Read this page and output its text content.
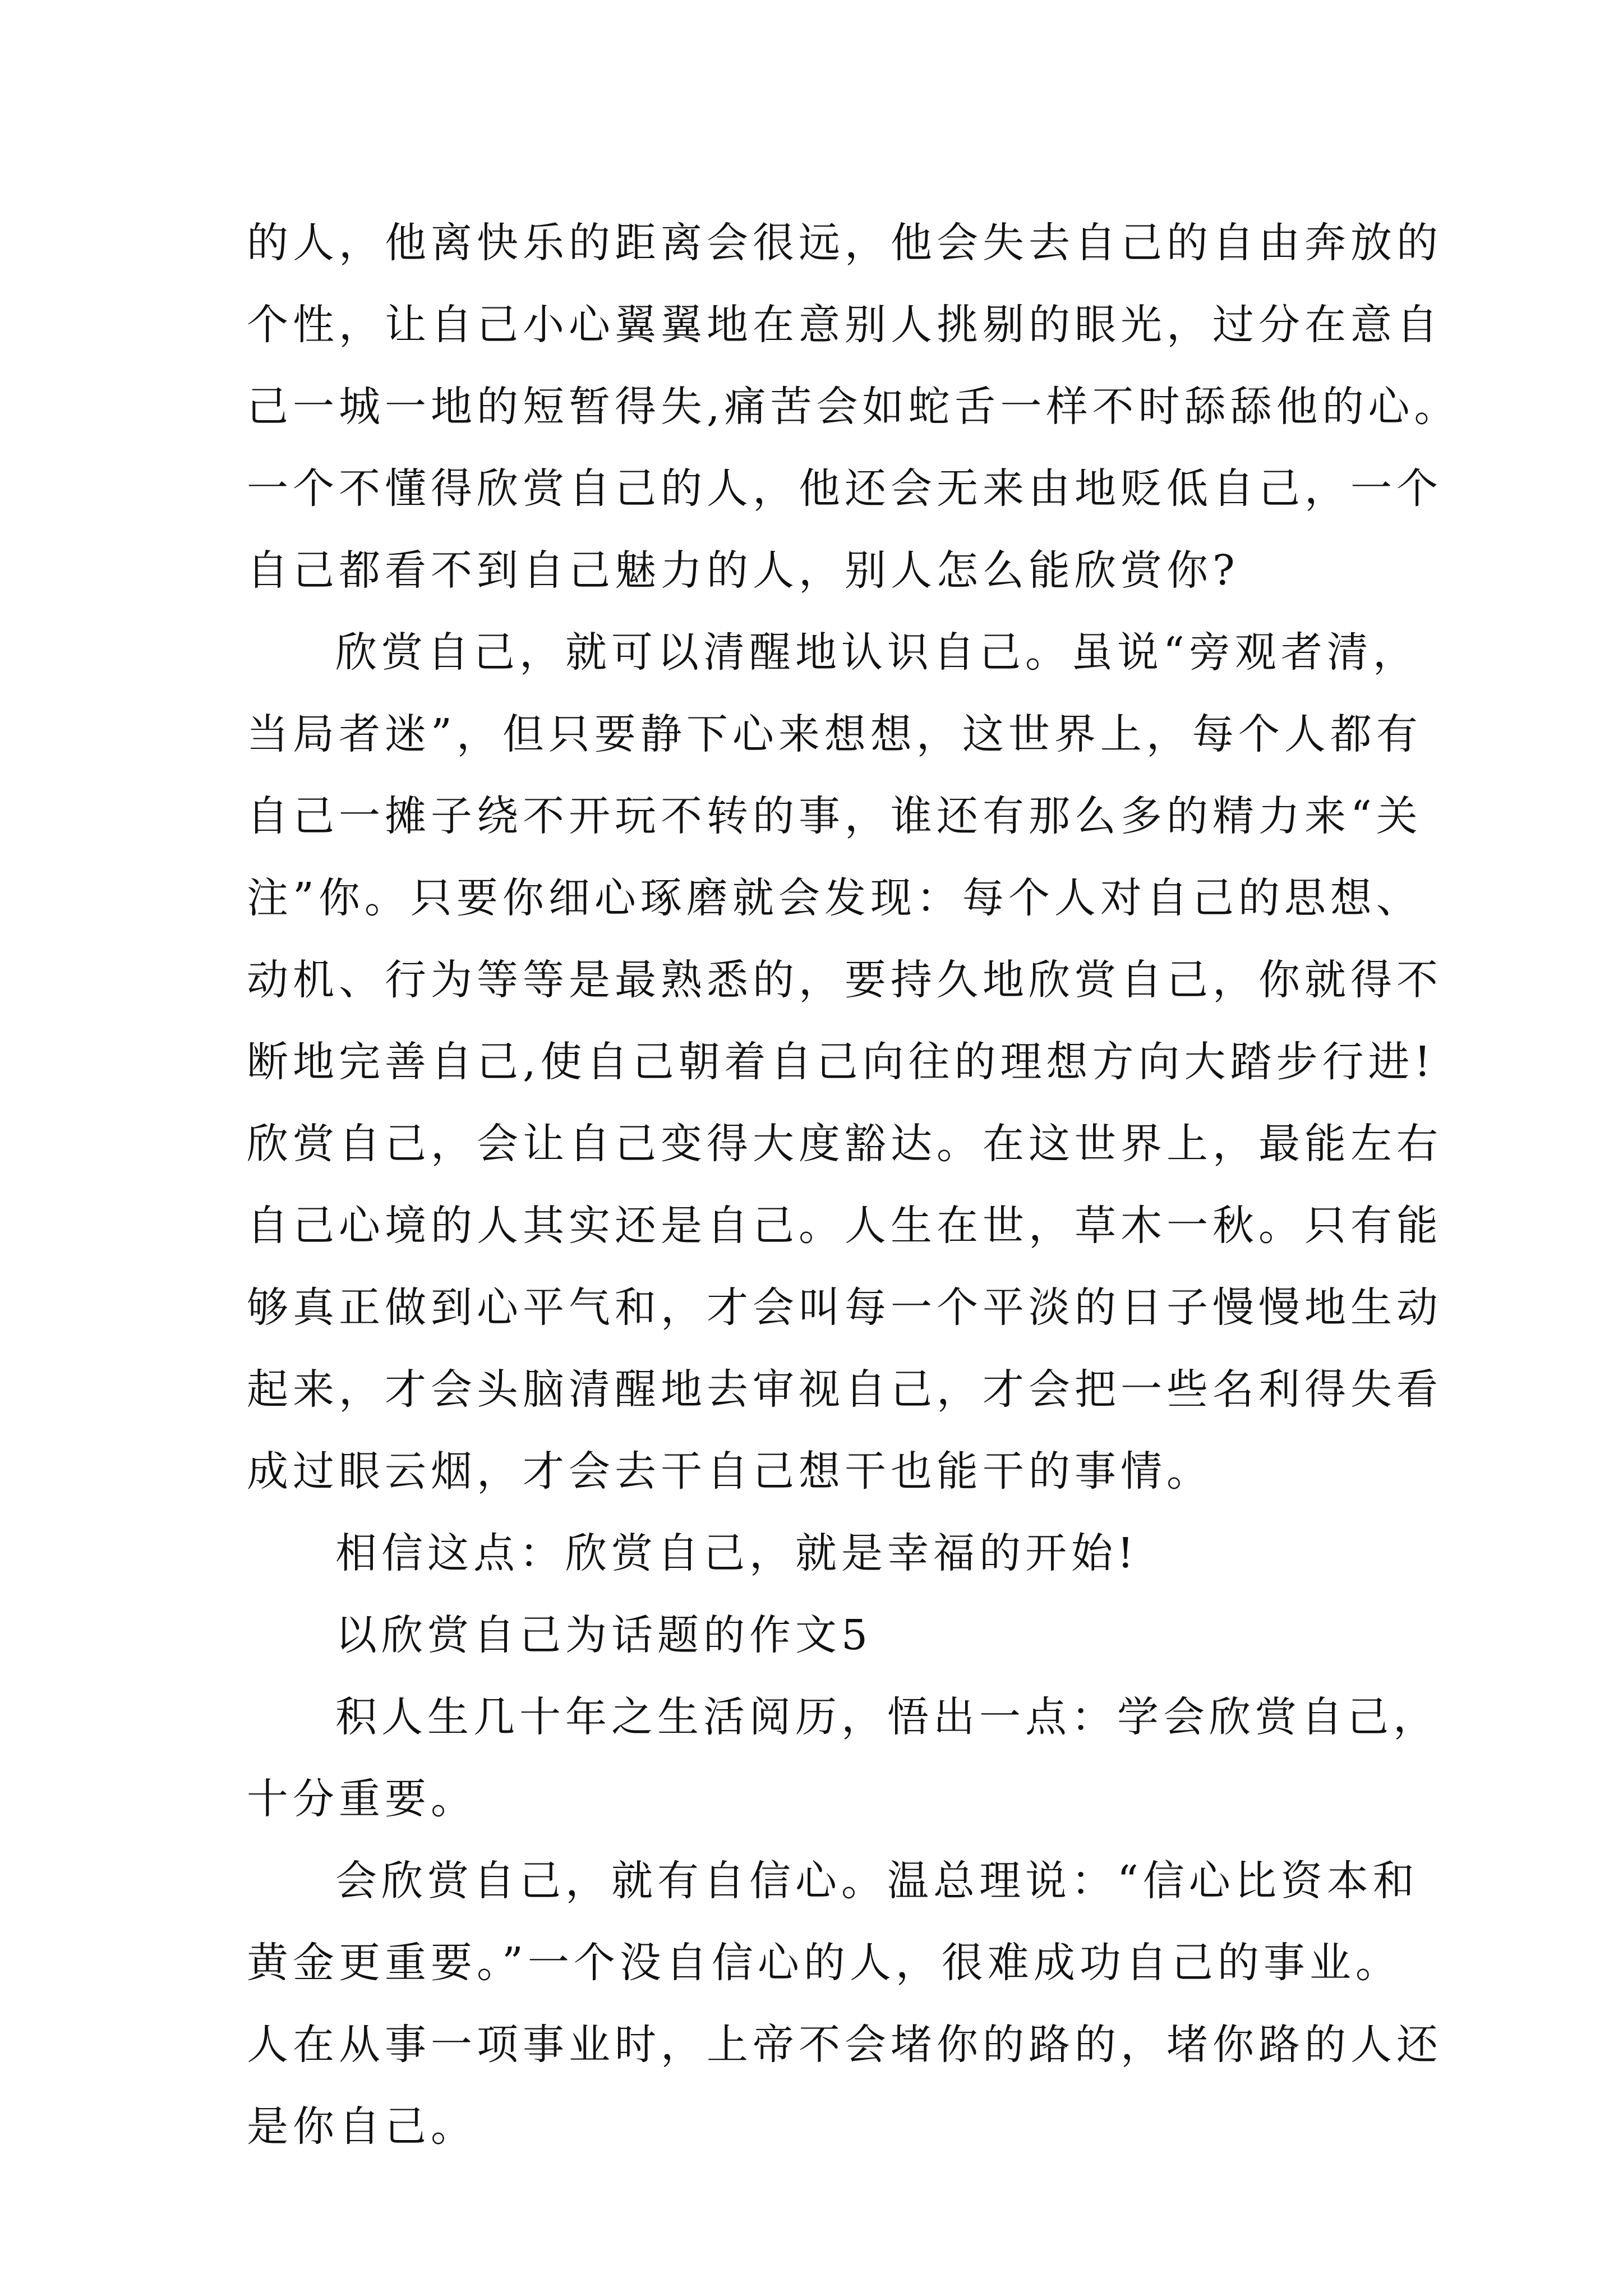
的人，他离快乐的距离会很远，他会失去自己的自由奔放的
个性，让自己小心翼翼地在意别人挑剔的眼光，过分在意自
己一城一地的短暂得失,痛苦会如蛇舌一样不时舔舔他的心。
一个不懂得欣赏自己的人，他还会无来由地贬低自己，一个
自己都看不到自己魅力的人，别人怎么能欣赏你?
欣赏自己，就可以清醒地认识自己。虽说“旁观者清，
当局者迷”，但只要静下心来想想，这世界上，每个人都有
自己一摊子绕不开玩不转的事，谁还有那么多的精力来“关
注”你。只要你细心琢磨就会发现：每个人对自己的思想、
动机、行为等等是最熟悉的，要持久地欣赏自己，你就得不
断地完善自己,使自己朝着自己向往的理想方向大踏步行进!
欣赏自己，会让自己变得大度豁达。在这世界上，最能左右
自己心境的人其实还是自己。人生在世，草木一秋。只有能
够真正做到心平气和，才会叫每一个平淡的日子慢慢地生动
起来，才会头脑清醒地去审视自己，才会把一些名利得失看
成过眼云烟，才会去干自己想干也能干的事情。
相信这点：欣赏自己，就是幸福的开始!
以欣赏自己为话题的作文5
积人生几十年之生活阅历，悟出一点：学会欣赏自己，
十分重要。
会欣赏自己，就有自信心。温总理说：“信心比资本和
黄金更重要。”一个没自信心的人，很难成功自己的事业。
人在从事一项事业时，上帝不会堵你的路的，堵你路的人还
是你自己。
